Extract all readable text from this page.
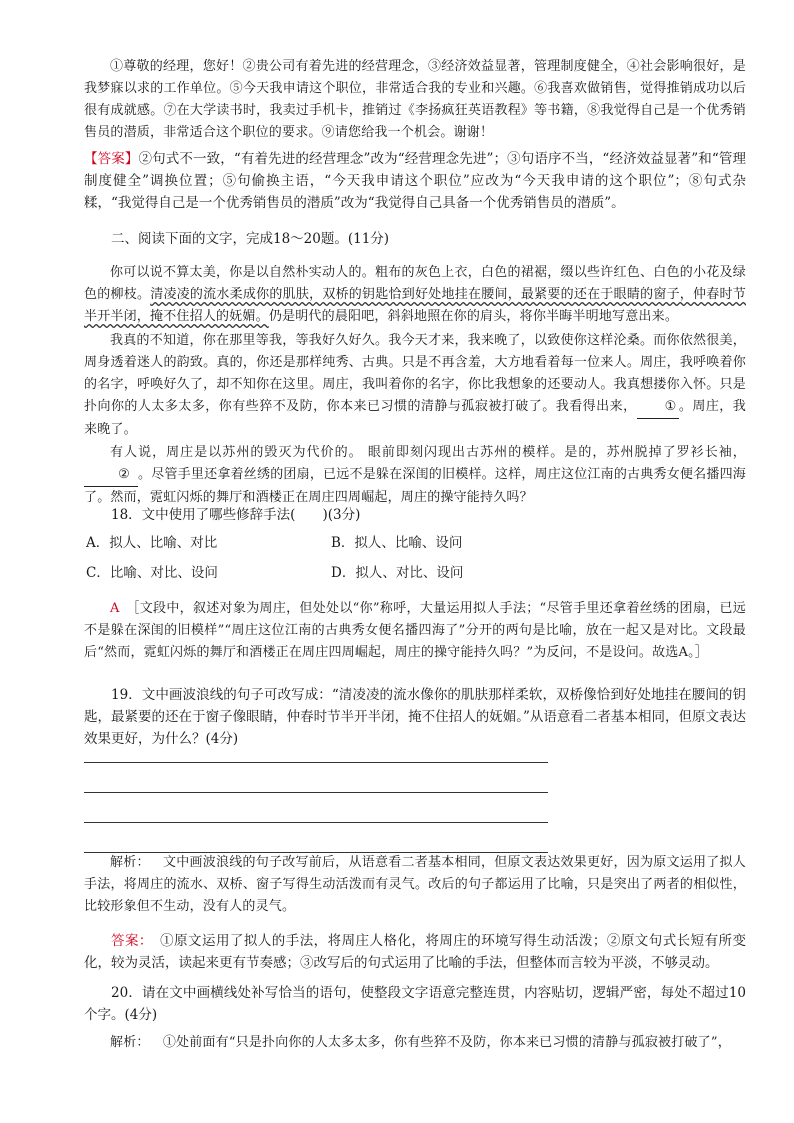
①尊敬的经理，您好！②贵公司有着先进的经营理念，③经济效益显著，管理制度健全，④社会影响很好，是我梦寐以求的工作单位。⑤今天我申请这个职位，非常适合我的专业和兴趣。⑥我喜欢做销售，觉得推销成功以后很有成就感。⑦在大学读书时，我卖过手机卡，推销过《李扬疯狂英语教程》等书籍，⑧我觉得自己是一个优秀销售员的潜质，非常适合这个职位的要求。⑨请您给我一个机会。谢谢！

【答案】②句式不一致，“有着先进的经营理念”改为“经营理念先进”；③句语序不当，“经济效益显著”和“管理制度健全”调换位置；⑤句偷换主语，“今天我申请这个职位”应改为“今天我申请的这个职位”；⑧句式杂糅，“我觉得自己是一个优秀销售员的潜质”改为“我觉得自己具备一个优秀销售员的潜质”。

二、阅读下面的文字，完成18～20题。(11分)

你可以说不算太美，你是以自然朴实动人的。粗布的灰色上衣，白色的裙裾，缀以些许红色、白色的小花及绿色的柳枝。清凌凌的流水柔成你的肌肤，双桥的钥匙恰到好处地挂在腰间，最紧要的还在于眼睛的窗子，仲春时节半开半闭，掩不住招人的妩媚。仍是明代的晨阳吧，斜斜地照在你的肩头，将你半晦半明地写意出来。

我真的不知道，你在那里等我，等我好久好久。我今天才来，我来晚了，以致使你这样沦桑。而你依然很美，周身透着迷人的韵致。真的，你还是那样纯秀、古典。只是不再含羞，大方地看着每一位来人。周庄，我呼唤着你的名字，呼唤好久了，却不知你在这里。周庄，我叫着你的名字，你比我想象的还要动人。我真想搂你入怀。只是扑向你的人太多太多，你有些猝不及防，你本来已习惯的清静与孤寂被打破了。我看得出来， ① 。周庄，我来晚了。

有人说，周庄是以苏州的毁灭为代价的。 眼前即刻闪现出古苏州的模样。是的，苏州脱掉了罗衫长袖，② 。尽管手里还拿着丝绣的团扇，已远不是躲在深闺的旧模样。这样，周庄这位江南的古典秀女便名播四海了。然而，霓虹闪烁的舞厅和酒楼正在周庄四周崛起，周庄的操守能持久吗？

18．文中使用了哪些修辞手法(　　)(3分)

A．拟人、比喻、对比	B．拟人、比喻、设问
C．比喻、对比、设问	D．拟人、对比、设问

A  ［文段中，叙述对象为周庄，但处处以“你”称呼，大量运用拟人手法；“尽管手里还拿着丝绣的团扇，已远不是躲在深闺的旧模样”“周庄这位江南的古典秀女便名播四海了”分开的两句是比喻，放在一起又是对比。文段最后“然而，霓虹闪烁的舞厅和酒楼正在周庄四周崛起，周庄的操守能持久吗？”为反问，不是设问。故选A。］

19．文中画波浪线的句子可改写成：“清凌凌的流水像你的肌肤那样柔软，双桥像恰到好处地挂在腰间的钥匙，最紧要的还在于窗子像眼睛，仲春时节半开半闭，掩不住招人的妩媚。”从语意看二者基本相同，但原文表达效果更好，为什么？(4分)

解析：  文中画波浪线的句子改写前后，从语意看二者基本相同，但原文表达效果更好，因为原文运用了拟人手法，将周庄的流水、双桥、窗子写得生动活泼而有灵气。改后的句子都运用了比喻，只是突出了两者的相似性，比较形象但不生动，没有人的灵气。

答案：  ①原文运用了拟人的手法，将周庄人格化，将周庄的环境写得生动活泼；②原文句式长短有所变化，较为灵活，读起来更有节奏感；③改写后的句式运用了比喻的手法，但整体而言较为平淡，不够灵动。

20．请在文中画横线处补写恰当的语句，使整段文字语意完整连贯，内容贴切，逻辑严密，每处不超过10个字。(4分)

解析：  ①处前面有“只是扑向你的人太多太多，你有些猝不及防，你本来已习惯的清静与孤寂被打破了”，
